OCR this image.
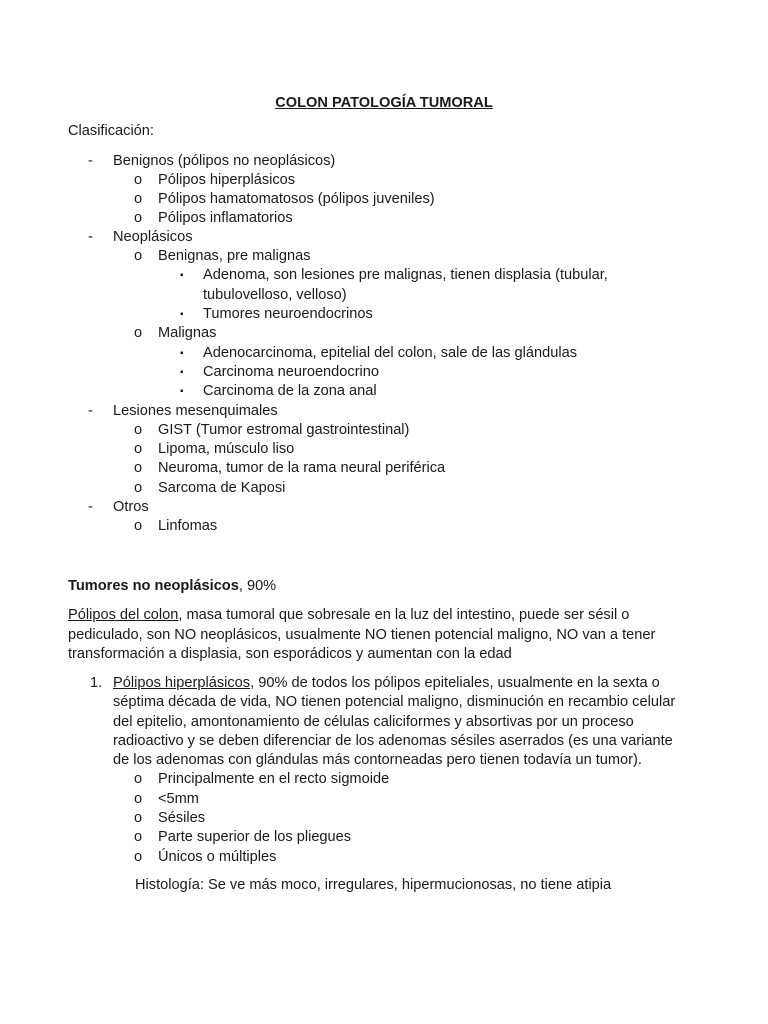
COLON PATOLOGÍA TUMORAL
Clasificación:
- Benignos (pólipos no neoplásicos)
o Pólipos hiperplásicos
o Pólipos hamatomatosos (pólipos juveniles)
o Pólipos inflamatorios
- Neoplásicos
o Benignas, pre malignas
▪ Adenoma, son lesiones pre malignas, tienen displasia (tubular,
tubulovelloso, velloso)
▪ Tumores neuroendocrinos
o Malignas
▪ Adenocarcinoma, epitelial del colon, sale de las glándulas
▪ Carcinoma neuroendocrino
▪ Carcinoma de la zona anal
- Lesiones mesenquimales
o GIST (Tumor estromal gastrointestinal)
o Lipoma, músculo liso
o Neuroma, tumor de la rama neural periférica
o Sarcoma de Kaposi
- Otros
o Linfomas
Tumores no neoplásicos, 90%
Pólipos del colon, masa tumoral que sobresale en la luz del intestino, puede ser sésil o
pediculado, son NO neoplásicos, usualmente NO tienen potencial maligno, NO van a tener
transformación a displasia, son esporádicos y aumentan con la edad
1. Pólipos hiperplásicos, 90% de todos los pólipos epiteliales, usualmente en la sexta o
séptima década de vida, NO tienen potencial maligno, disminución en recambio celular
del epitelio, amontonamiento de células caliciformes y absortivas por un proceso
radioactivo y se deben diferenciar de los adenomas sésiles aserrados (es una variante
de los adenomas con glándulas más contorneadas pero tienen todavía un tumor).
o Principalmente en el recto sigmoide
o <5mm
o Sésiles
o Parte superior de los pliegues
o Únicos o múltiples
Histología: Se ve más moco, irregulares, hipermucionosas, no tiene atipia
